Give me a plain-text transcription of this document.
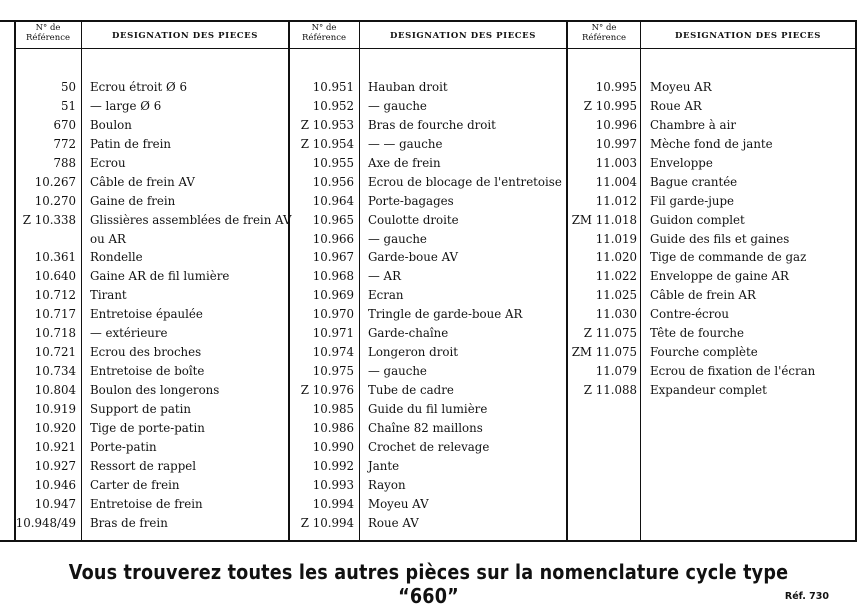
N° de
Référence	DESIGNATION DES PIECES
N° de
Référence	DESIGNATION DES PIECES
N° de
Référence	DESIGNATION DES PIECES
50 Ecrou étroit Ø 6
51 — large Ø 6
670 Boulon
772 Patin de frein
788 Ecrou
10.267 Câble de frein AV
10.270 Gaine de frein
Z 10.338 Glissières assemblées de frein AV
ou AR
10.361 Rondelle
10.640 Gaine AR de fil lumière
10.712 Tirant
10.717 Entretoise épaulée
10.718 — extérieure
10.721 Ecrou des broches
10.734 Entretoise de boîte
10.804 Boulon des longerons
10.919 Support de patin
10.920 Tige de porte-patin
10.921 Porte-patin
10.927 Ressort de rappel
10.946 Carter de frein
10.947 Entretoise de frein
10.948/49 Bras de frein
10.951 Hauban droit
10.952 — gauche
Z 10.953 Bras de fourche droit
Z 10.954 — — gauche
10.955 Axe de frein
10.956 Ecrou de blocage de l'entretoise
10.964 Porte-bagages
10.965 Coulotte droite
10.966 — gauche
10.967 Garde-boue AV
10.968 — AR
10.969 Ecran
10.970 Tringle de garde-boue AR
10.971 Garde-chaîne
10.974 Longeron droit
10.975 — gauche
Z 10.976 Tube de cadre
10.985 Guide du fil lumière
10.986 Chaîne 82 maillons
10.990 Crochet de relevage
10.992 Jante
10.993 Rayon
10.994 Moyeu AV
Z 10.994 Roue AV
10.995 Moyeu AR
Z 10.995 Roue AR
10.996 Chambre à air
10.997 Mèche fond de jante
11.003 Enveloppe
11.004 Bague crantée
11.012 Fil garde-jupe
ZM 11.018 Guidon complet
11.019 Guide des fils et gaines
11.020 Tige de commande de gaz
11.022 Enveloppe de gaine AR
11.025 Câble de frein AR
11.030 Contre-écrou
Z 11.075 Tête de fourche
ZM 11.075 Fourche complète
11.079 Ecrou de fixation de l'écran
Z 11.088 Expandeur complet
Vous trouverez toutes les autres pièces sur la nomenclature cycle type “660”	Réf. 730
